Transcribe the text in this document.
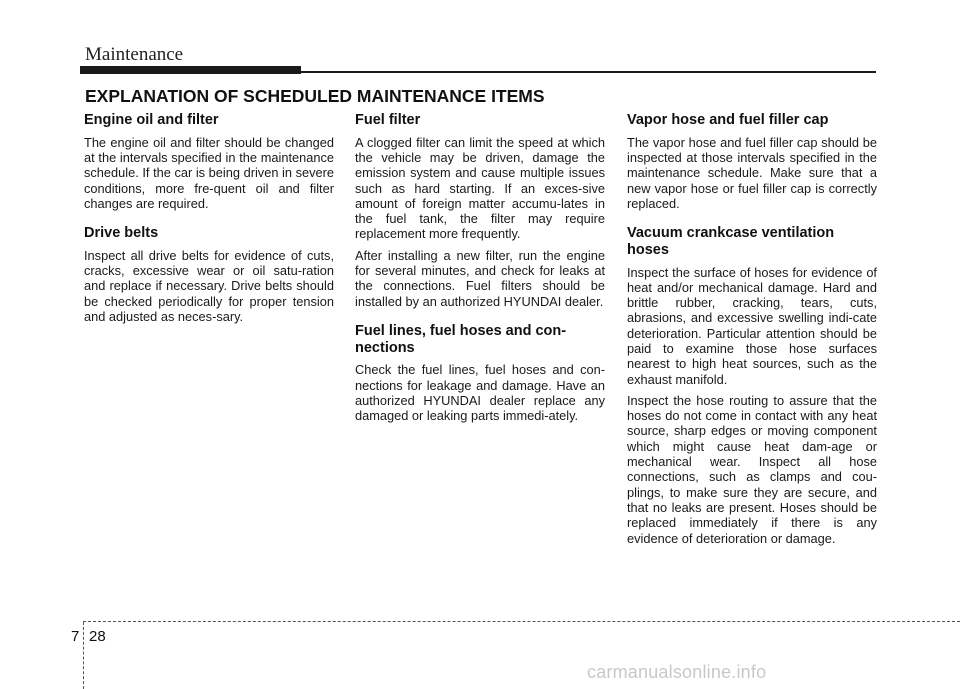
Maintenance
EXPLANATION OF SCHEDULED MAINTENANCE ITEMS
Engine oil and filter

The engine oil and filter should be changed at the intervals specified in the maintenance schedule. If the car is being driven in severe conditions, more fre-quent oil and filter changes are required.

Drive belts

Inspect all drive belts for evidence of cuts, cracks, excessive wear or oil satu-ration and replace if necessary. Drive belts should be checked periodically for proper tension and adjusted as neces-sary.

Fuel filter

A clogged filter can limit the speed at which the vehicle may be driven, damage the emission system and cause multiple issues such as hard starting. If an exces-sive amount of foreign matter accumu-lates in the fuel tank, the filter may require replacement more frequently.

After installing a new filter, run the engine for several minutes, and check for leaks at the connections. Fuel filters should be installed by an authorized HYUNDAI dealer.

Fuel lines, fuel hoses and con-nections

Check the fuel lines, fuel hoses and con-nections for leakage and damage. Have an authorized HYUNDAI dealer replace any damaged or leaking parts immedi-ately.

Vapor hose and fuel filler cap

The vapor hose and fuel filler cap should be inspected at those intervals specified in the maintenance schedule. Make sure that a new vapor hose or fuel filler cap is correctly replaced.

Vacuum crankcase ventilation hoses

Inspect the surface of hoses for evidence of heat and/or mechanical damage. Hard and brittle rubber, cracking, tears, cuts, abrasions, and excessive swelling indi-cate deterioration. Particular attention should be paid to examine those hose surfaces nearest to high heat sources, such as the exhaust manifold.

Inspect the hose routing to assure that the hoses do not come in contact with any heat source, sharp edges or moving component which might cause heat dam-age or mechanical wear. Inspect all hose connections, such as clamps and cou-plings, to make sure they are secure, and that no leaks are present. Hoses should be replaced immediately if there is any evidence of deterioration or damage.

7 28
carmanualsonline.info
